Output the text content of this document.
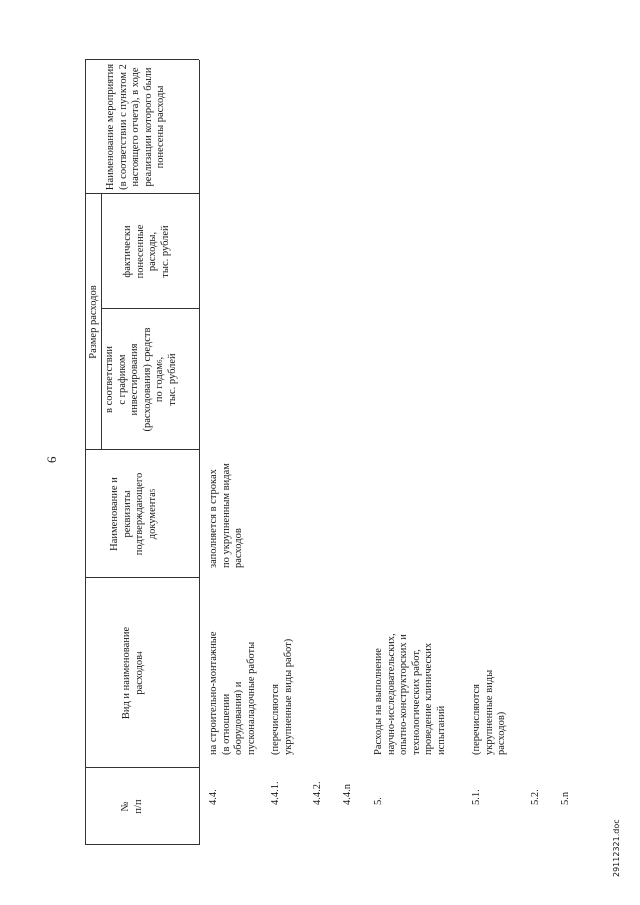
6
№
п/п
Вид и наименование
расходов$^4$
Наименование и
реквизиты
подтверждающего
документа$^5$
Размер расходов
в соответствии
с графиком
инвестирования
(расходования) средств
по годам$^6$,
тыс. рублей
фактически
понесенные
расходы,
тыс. рублей
Наименование мероприятия
(в соответствии с пунктом 2
настоящего отчета), в ходе
реализации которого были
понесены расходы
4.4.
на строительно-монтажные
(в отношении
оборудования) и
пусконаладочные работы
заполняется в строках
по укрупненным видам
расходов
4.4.1.
(перечисляются
укрупненные виды работ)
4.4.2. 4.4.n 5.
Расходы на выполнение
научно-исследовательских,
опытно-конструкторских и
технологических работ,
проведение клинических
испытаний
5.1.
(перечисляются
укрупненные виды
расходов)
5.2. 5.n
29112321.doc
